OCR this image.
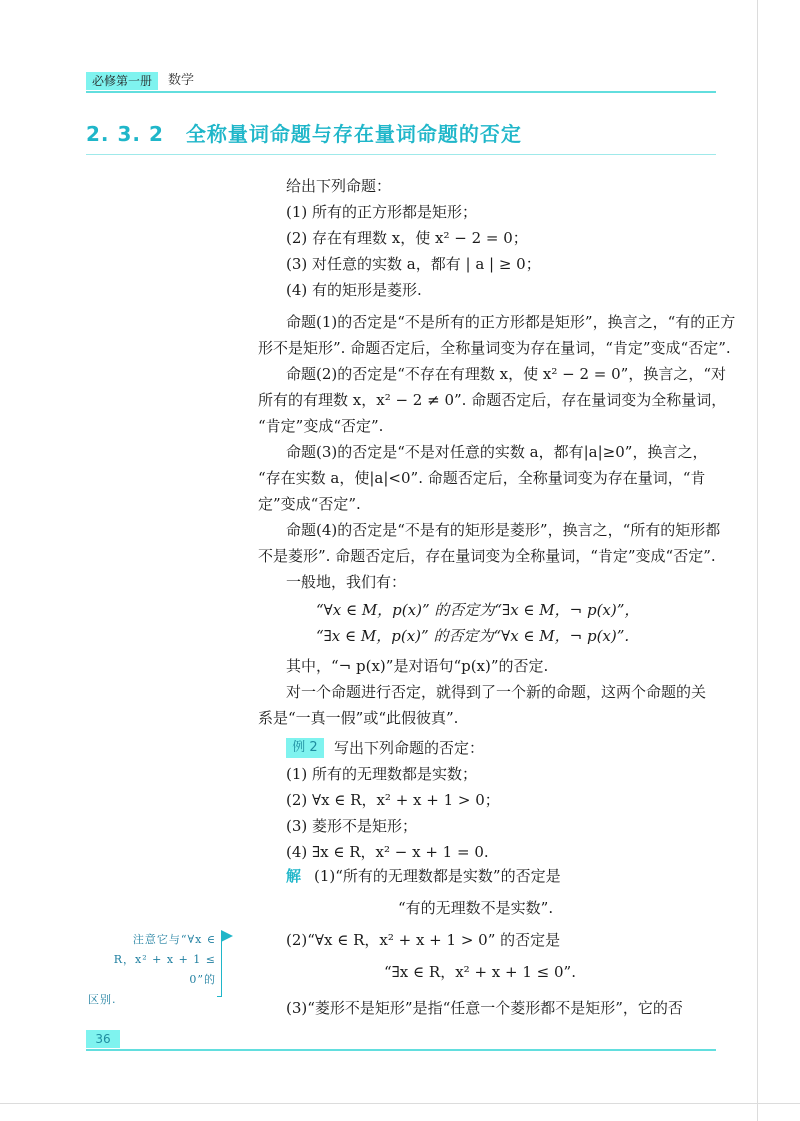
必修第一册	数学
2. 3. 2 全称量词命题与存在量词命题的否定
给出下列命题：
(1) 所有的正方形都是矩形；
(2) 存在有理数 x，使 x² − 2 = 0；
(3) 对任意的实数 a，都有 | a | ≥ 0；
(4) 有的矩形是菱形.
命题(1)的否定是“不是所有的正方形都是矩形”，换言之，“有的正方
形不是矩形”. 命题否定后，全称量词变为存在量词，“肯定”变成“否定”.
命题(2)的否定是“不存在有理数 x，使 x² − 2 = 0”，换言之，“对
所有的有理数 x，x² − 2 ≠ 0”. 命题否定后，存在量词变为全称量词，
“肯定”变成“否定”.
命题(3)的否定是“不是对任意的实数 a，都有|a|≥0”，换言之，
“存在实数 a，使|a|<0”. 命题否定后，全称量词变为存在量词，“肯
定”变成“否定”.
命题(4)的否定是“不是有的矩形是菱形”，换言之，“所有的矩形都
不是菱形”. 命题否定后，存在量词变为全称量词，“肯定”变成“否定”.
一般地，我们有：
“∀x ∈ M，p(x)” 的否定为“∃x ∈ M，¬ p(x)”，
“∃x ∈ M，p(x)” 的否定为“∀x ∈ M，¬ p(x)”.
其中，“¬ p(x)”是对语句“p(x)”的否定.
对一个命题进行否定，就得到了一个新的命题，这两个命题的关
系是“一真一假”或“此假彼真”.
例 2	写出下列命题的否定：
(1) 所有的无理数都是实数；
(2) ∀x ∈ R，x² + x + 1 > 0；
(3) 菱形不是矩形；
(4) ∃x ∈ R，x² − x + 1 = 0.
解 (1)“所有的无理数都是实数”的否定是
“有的无理数不是实数”.
(2)“∀x ∈ R，x² + x + 1 > 0” 的否定是
“∃x ∈ R，x² + x + 1 ≤ 0”.
(3)“菱形不是矩形”是指“任意一个菱形都不是矩形”，它的否
注意它与“∀x ∈
R，x² + x + 1 ≤ 0”的
区别.
36
